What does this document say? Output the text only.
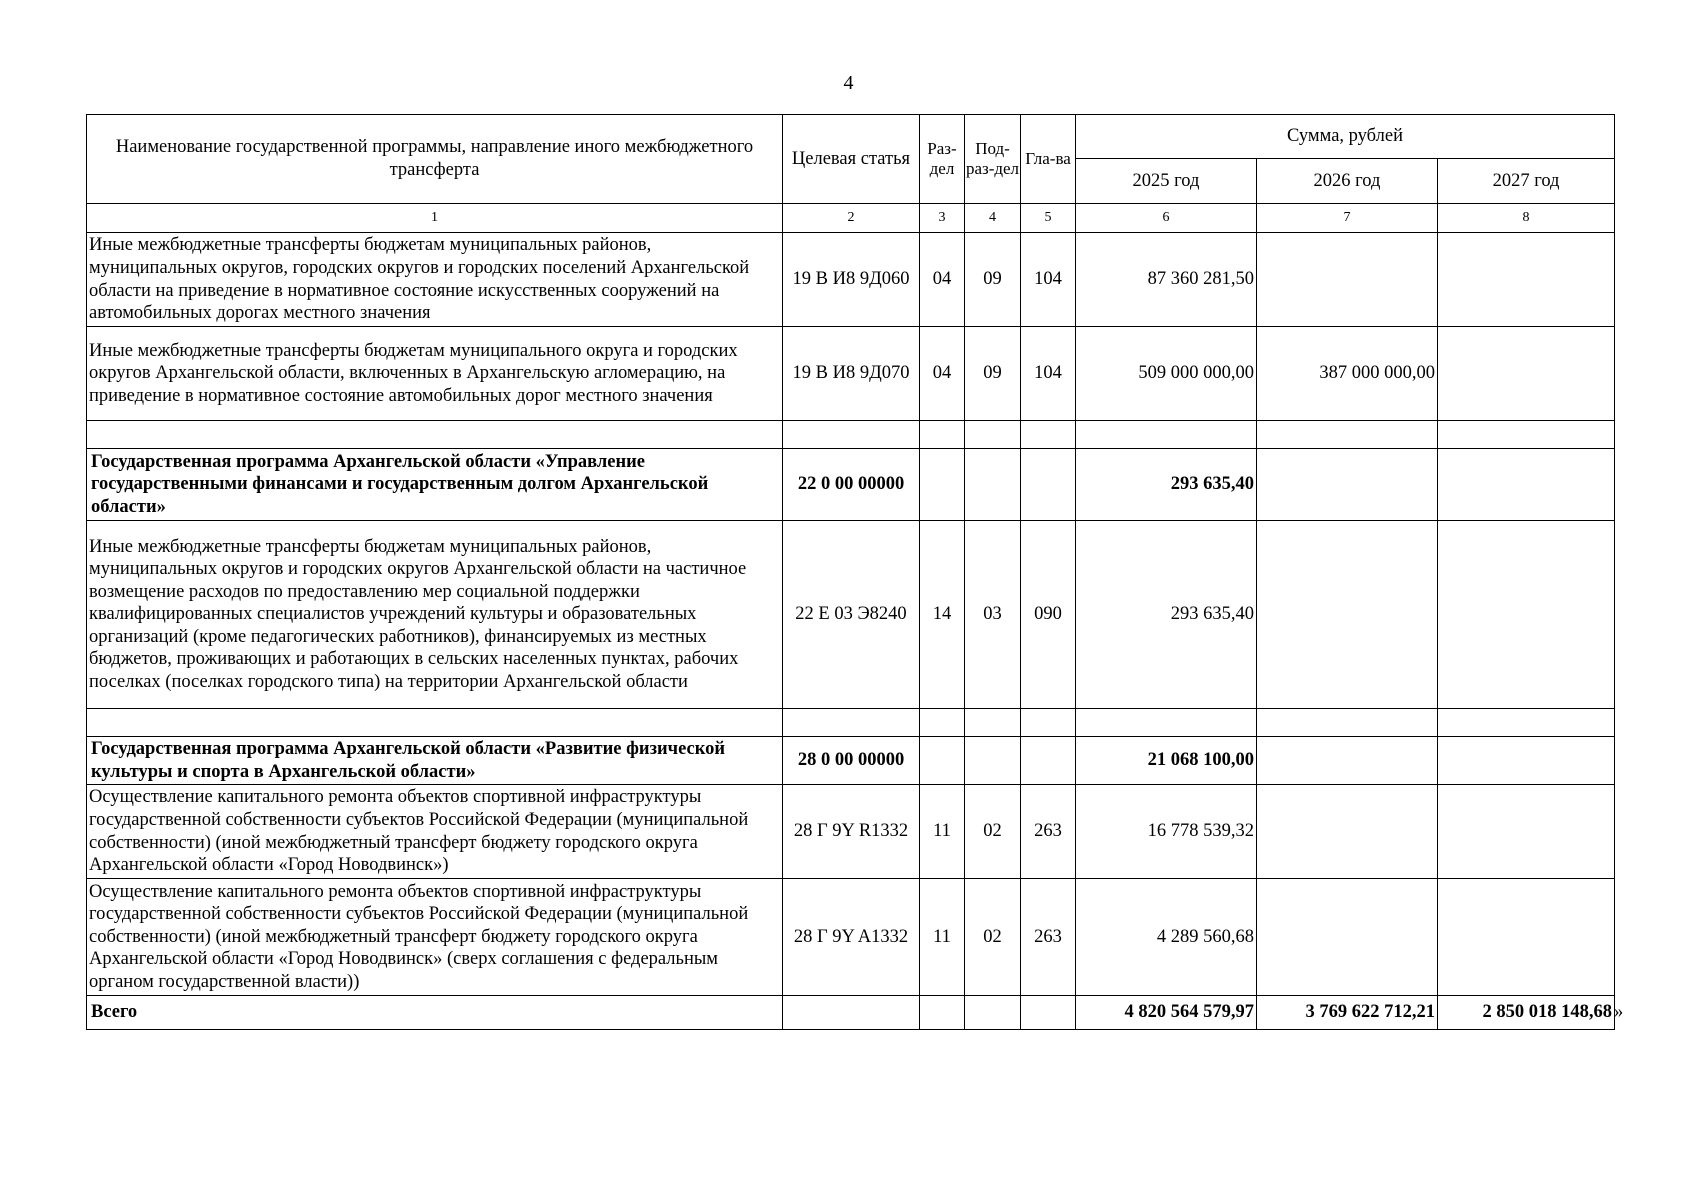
4
Наименование государственной программы, направление иного межбюджетного трансферта	Целевая статья	Раз-дел	Под-раз-дел	Гла-ва	Сумма, рублей		
					2025 год	2026 год	2027 год
1	2	3	4	5	6	7	8
Иные межбюджетные трансферты бюджетам муниципальных районов, муниципальных округов, городских округов и городских поселений Архангельской области на приведение в нормативное состояние искусственных сооружений на автомобильных дорогах местного значения	19 В И8 9Д060	04	09	104	87 360 281,50		
Иные межбюджетные трансферты бюджетам муниципального округа и городских округов Архангельской области, включенных в Архангельскую агломерацию, на приведение в нормативное состояние автомобильных дорог местного значения	19 В И8 9Д070	04	09	104	509 000 000,00	387 000 000,00	

Государственная программа Архангельской области «Управление государственными финансами и государственным долгом Архангельской области»	22 0 00 00000				293 635,40		
Иные межбюджетные трансферты бюджетам муниципальных районов, муниципальных округов и городских округов Архангельской области на частичное возмещение расходов по предоставлению мер социальной поддержки квалифицированных специалистов учреждений культуры и образовательных организаций (кроме педагогических работников), финансируемых из местных бюджетов, проживающих и работающих в сельских населенных пунктах, рабочих поселках (поселках городского типа) на территории Архангельской области	22 Е 03 Э8240	14	03	090	293 635,40		

Государственная программа Архангельской области «Развитие физической культуры и спорта в Архангельской области»	28 0 00 00000				21 068 100,00		
Осуществление капитального ремонта объектов спортивной инфраструктуры государственной собственности субъектов Российской Федерации (муниципальной собственности) (иной межбюджетный трансферт бюджету городского округа Архангельской области «Город Новодвинск»)	28 Г 9Y R1332	11	02	263	16 778 539,32		
Осуществление капитального ремонта объектов спортивной инфраструктуры государственной собственности субъектов Российской Федерации (муниципальной собственности) (иной межбюджетный трансферт бюджету городского округа Архангельской области «Город Новодвинск» (сверх соглашения с федеральным органом государственной власти))	28 Г 9Y A1332	11	02	263	4 289 560,68		
Всего					4 820 564 579,97	3 769 622 712,21	2 850 018 148,68 »
